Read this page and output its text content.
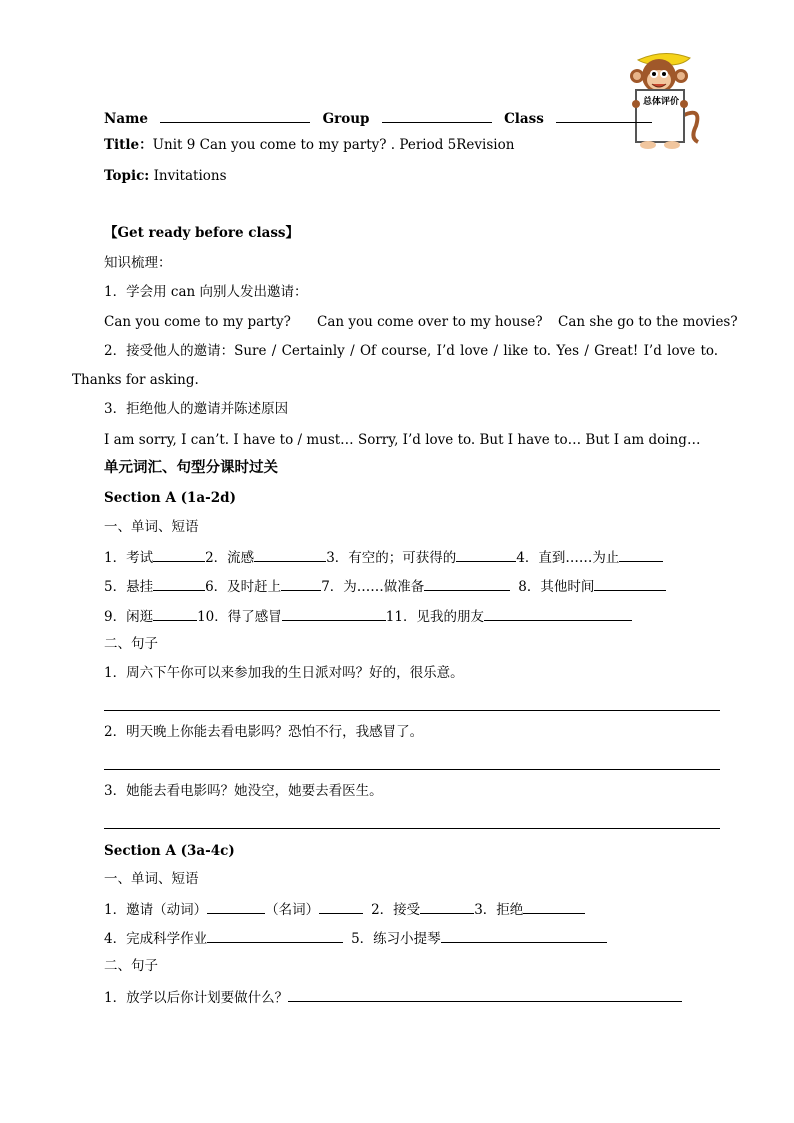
总体评价
Name	Group	Class
Title：Unit 9 Can you come to my party? . Period 5Revision
Topic: Invitations
【Get ready before class】
知识梳理：
1．学会用 can 向别人发出邀请：
Can you come to my party? Can you come over to my house? Can she go to the movies?
2．接受他人的邀请：Sure / Certainly / Of course, I’d love / like to. Yes / Great! I’d love to.
Thanks for asking.
3．拒绝他人的邀请并陈述原因
I am sorry, I can’t. I have to / must… Sorry, I’d love to. But I have to… But I am doing…
单元词汇、句型分课时过关
Section A (1a-2d)
一、单词、短语
1．考试	2．流感	3．有空的；可获得的	4．直到……为止
5．悬挂	6．及时赶上	7．为……做准备	8．其他时间
9．闲逛	10．得了感冒	11．见我的朋友
二、句子
1．周六下午你可以来参加我的生日派对吗？好的，很乐意。
2．明天晚上你能去看电影吗？恐怕不行，我感冒了。
3．她能去看电影吗？她没空，她要去看医生。
Section A (3a-4c)
一、单词、短语
1．邀请（动词）	（名词）	2．接受	3．拒绝
4．完成科学作业	5．练习小提琴
二、句子
1．放学以后你计划要做什么？
